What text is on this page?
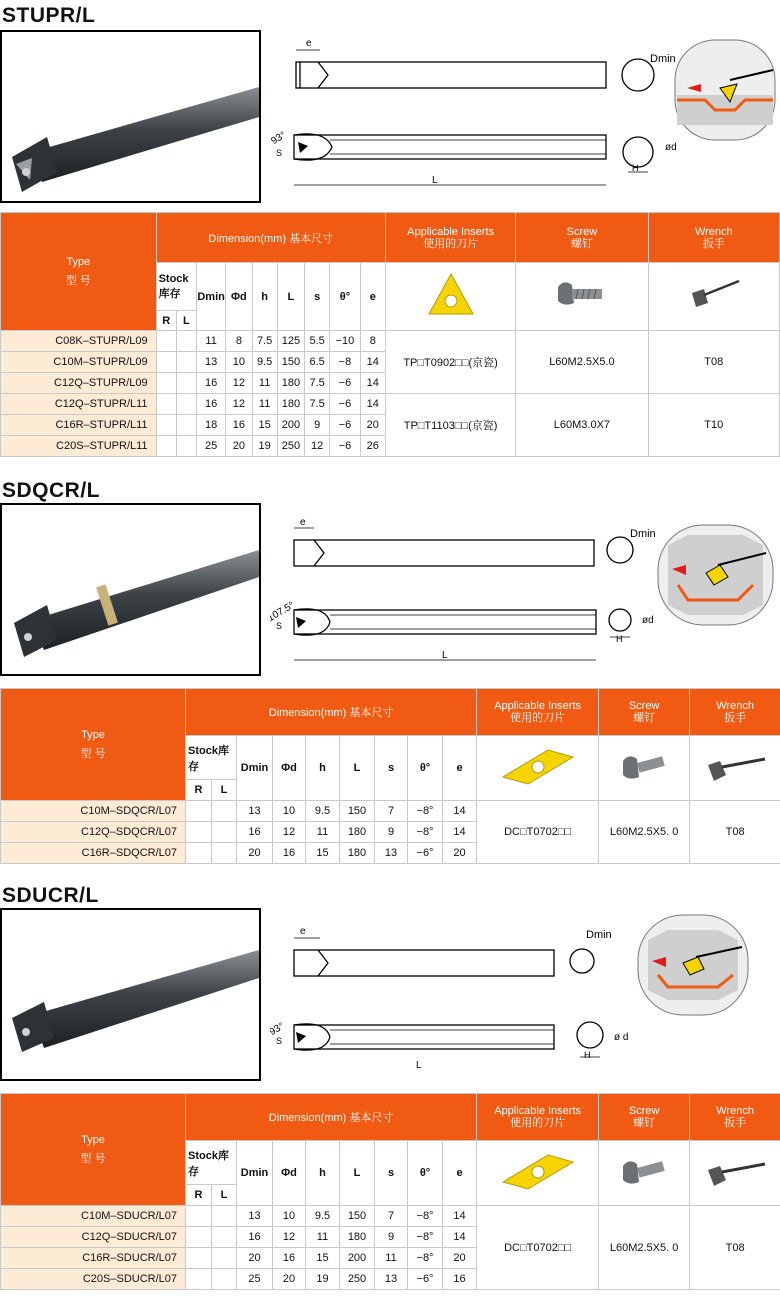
STUPR/L
e
Dmin
93°
S	ød
H
L
Type
型 号	Dimension(mm) 基本尺寸									Applicable Inserts
使用的刀片	Screw
螺钉	Wrench
扳手
	Stock库存		Dmin	Φd	h	L	s	θ°	e			
	R	L										
C08K–STUPR/L09			11	8	7.5	125	5.5	−10	8	TP□T0902□□(京瓷)	L60M2.5X5.0	T08
C10M–STUPR/L09			13	10	9.5	150	6.5	−8	14			
C12Q–STUPR/L09			16	12	11	180	7.5	−6	14			
C12Q–STUPR/L11			16	12	11	180	7.5	−6	14	TP□T1103□□(京瓷)	L60M3.0X7	T10
C16R–STUPR/L11			18	16	15	200	9	−6	20			
C20S–STUPR/L11			25	20	19	250	12	−6	26			
SDQCR/L
e
Dmin
107.5°
S	ød
H
L
Type
型 号	Dimension(mm) 基本尺寸									Applicable Inserts
使用的刀片	Screw
螺钉	Wrench
扳手
	Stock库存		Dmin	Φd	h	L	s	θ°	e			
	R	L										
C10M–SDQCR/L07			13	10	9.5	150	7	−8°	14	DC□T0702□□	L60M2.5X5. 0	T08
C12Q–SDQCR/L07			16	12	11	180	9	−8°	14			
C16R–SDQCR/L07			20	16	15	180	13	−6°	20			
SDUCR/L
e	Dmin
93°
S	ø d
H
L
Type
型 号	Dimension(mm) 基本尺寸									Applicable Inserts
使用的刀片	Screw
螺钉	Wrench
扳手
	Stock库存		Dmin	Φd	h	L	s	θ°	e			
	R	L										
C10M–SDUCR/L07			13	10	9.5	150	7	−8°	14	DC□T0702□□	L60M2.5X5. 0	T08
C12Q–SDUCR/L07			16	12	11	180	9	−8°	14			
C16R–SDUCR/L07			20	16	15	200	11	−8°	20			
C20S–SDUCR/L07			25	20	19	250	13	−6°	16			
